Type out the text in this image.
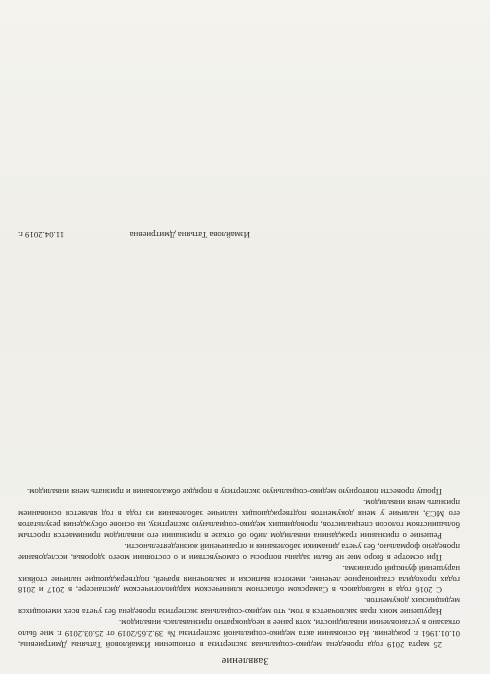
Заявление

25 марта 2019 года проведена медико-социальная экспертиза в отношении Измайловой Татьяны Дмитриевны, 01.01.1961 г. рождения. На основании акта медико-социальной экспертизы № 39.2.65/2019 от 25.03.2019 г. мне было отказано в установлении инвалидности, хотя ранее я неоднократно признавалась инвалидом.

Нарушение моих прав заключается в том, что медико-социальная экспертиза проведена без учета всех имеющихся медицинских документов.

С 2016 года я наблюдаюсь в Самарском областном клиническом кардиологическом диспансере, в 2017 и 2018 годах проходила стационарное лечение, имеются выписки и заключения врачей, подтверждающие наличие стойких нарушений функций организма.

При осмотре в бюро мне не были заданы вопросы о самочувствии и о состоянии моего здоровья, исследование проведено формально, без учета динамики заболевания и ограничений жизнедеятельности.

Решение о признании гражданина инвалидом либо об отказе в признании его инвалидом принимается простым большинством голосов специалистов, проводивших медико-социальную экспертизу, на основе обсуждения результатов его МСЭ, наличие у меня документов подтверждающих наличие заболевания из года в год является основанием признать меня инвалидом.

Прошу провести повторную медико-социальную экспертизу в порядке обжалования и признать меня инвалидом.

Измайлова Татьяна Дмитриевна
11.04.2019 г.
